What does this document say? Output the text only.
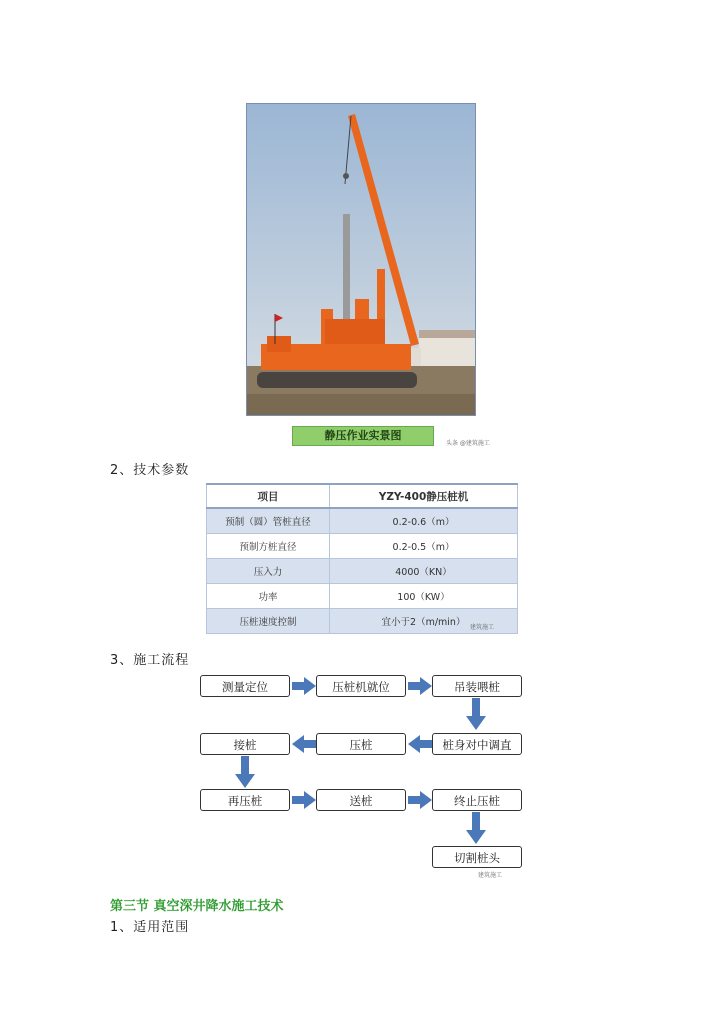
静压作业实景图
头条 @建筑施工
2、技术参数
项目	YZY-400静压桩机
预制（圆）管桩直径	0.2-0.6（m）
预制方桩直径	0.2-0.5（m）
压入力	4000（KN）
功率	100（KW）
压桩速度控制	宜小于2（m/min） 建筑施工
3、施工流程
测量定位	压桩机就位	吊装喂桩
桩身对中调直
压桩
接桩
再压桩	送桩	终止压桩
切割桩头
建筑施工
第三节 真空深井降水施工技术
1、适用范围
